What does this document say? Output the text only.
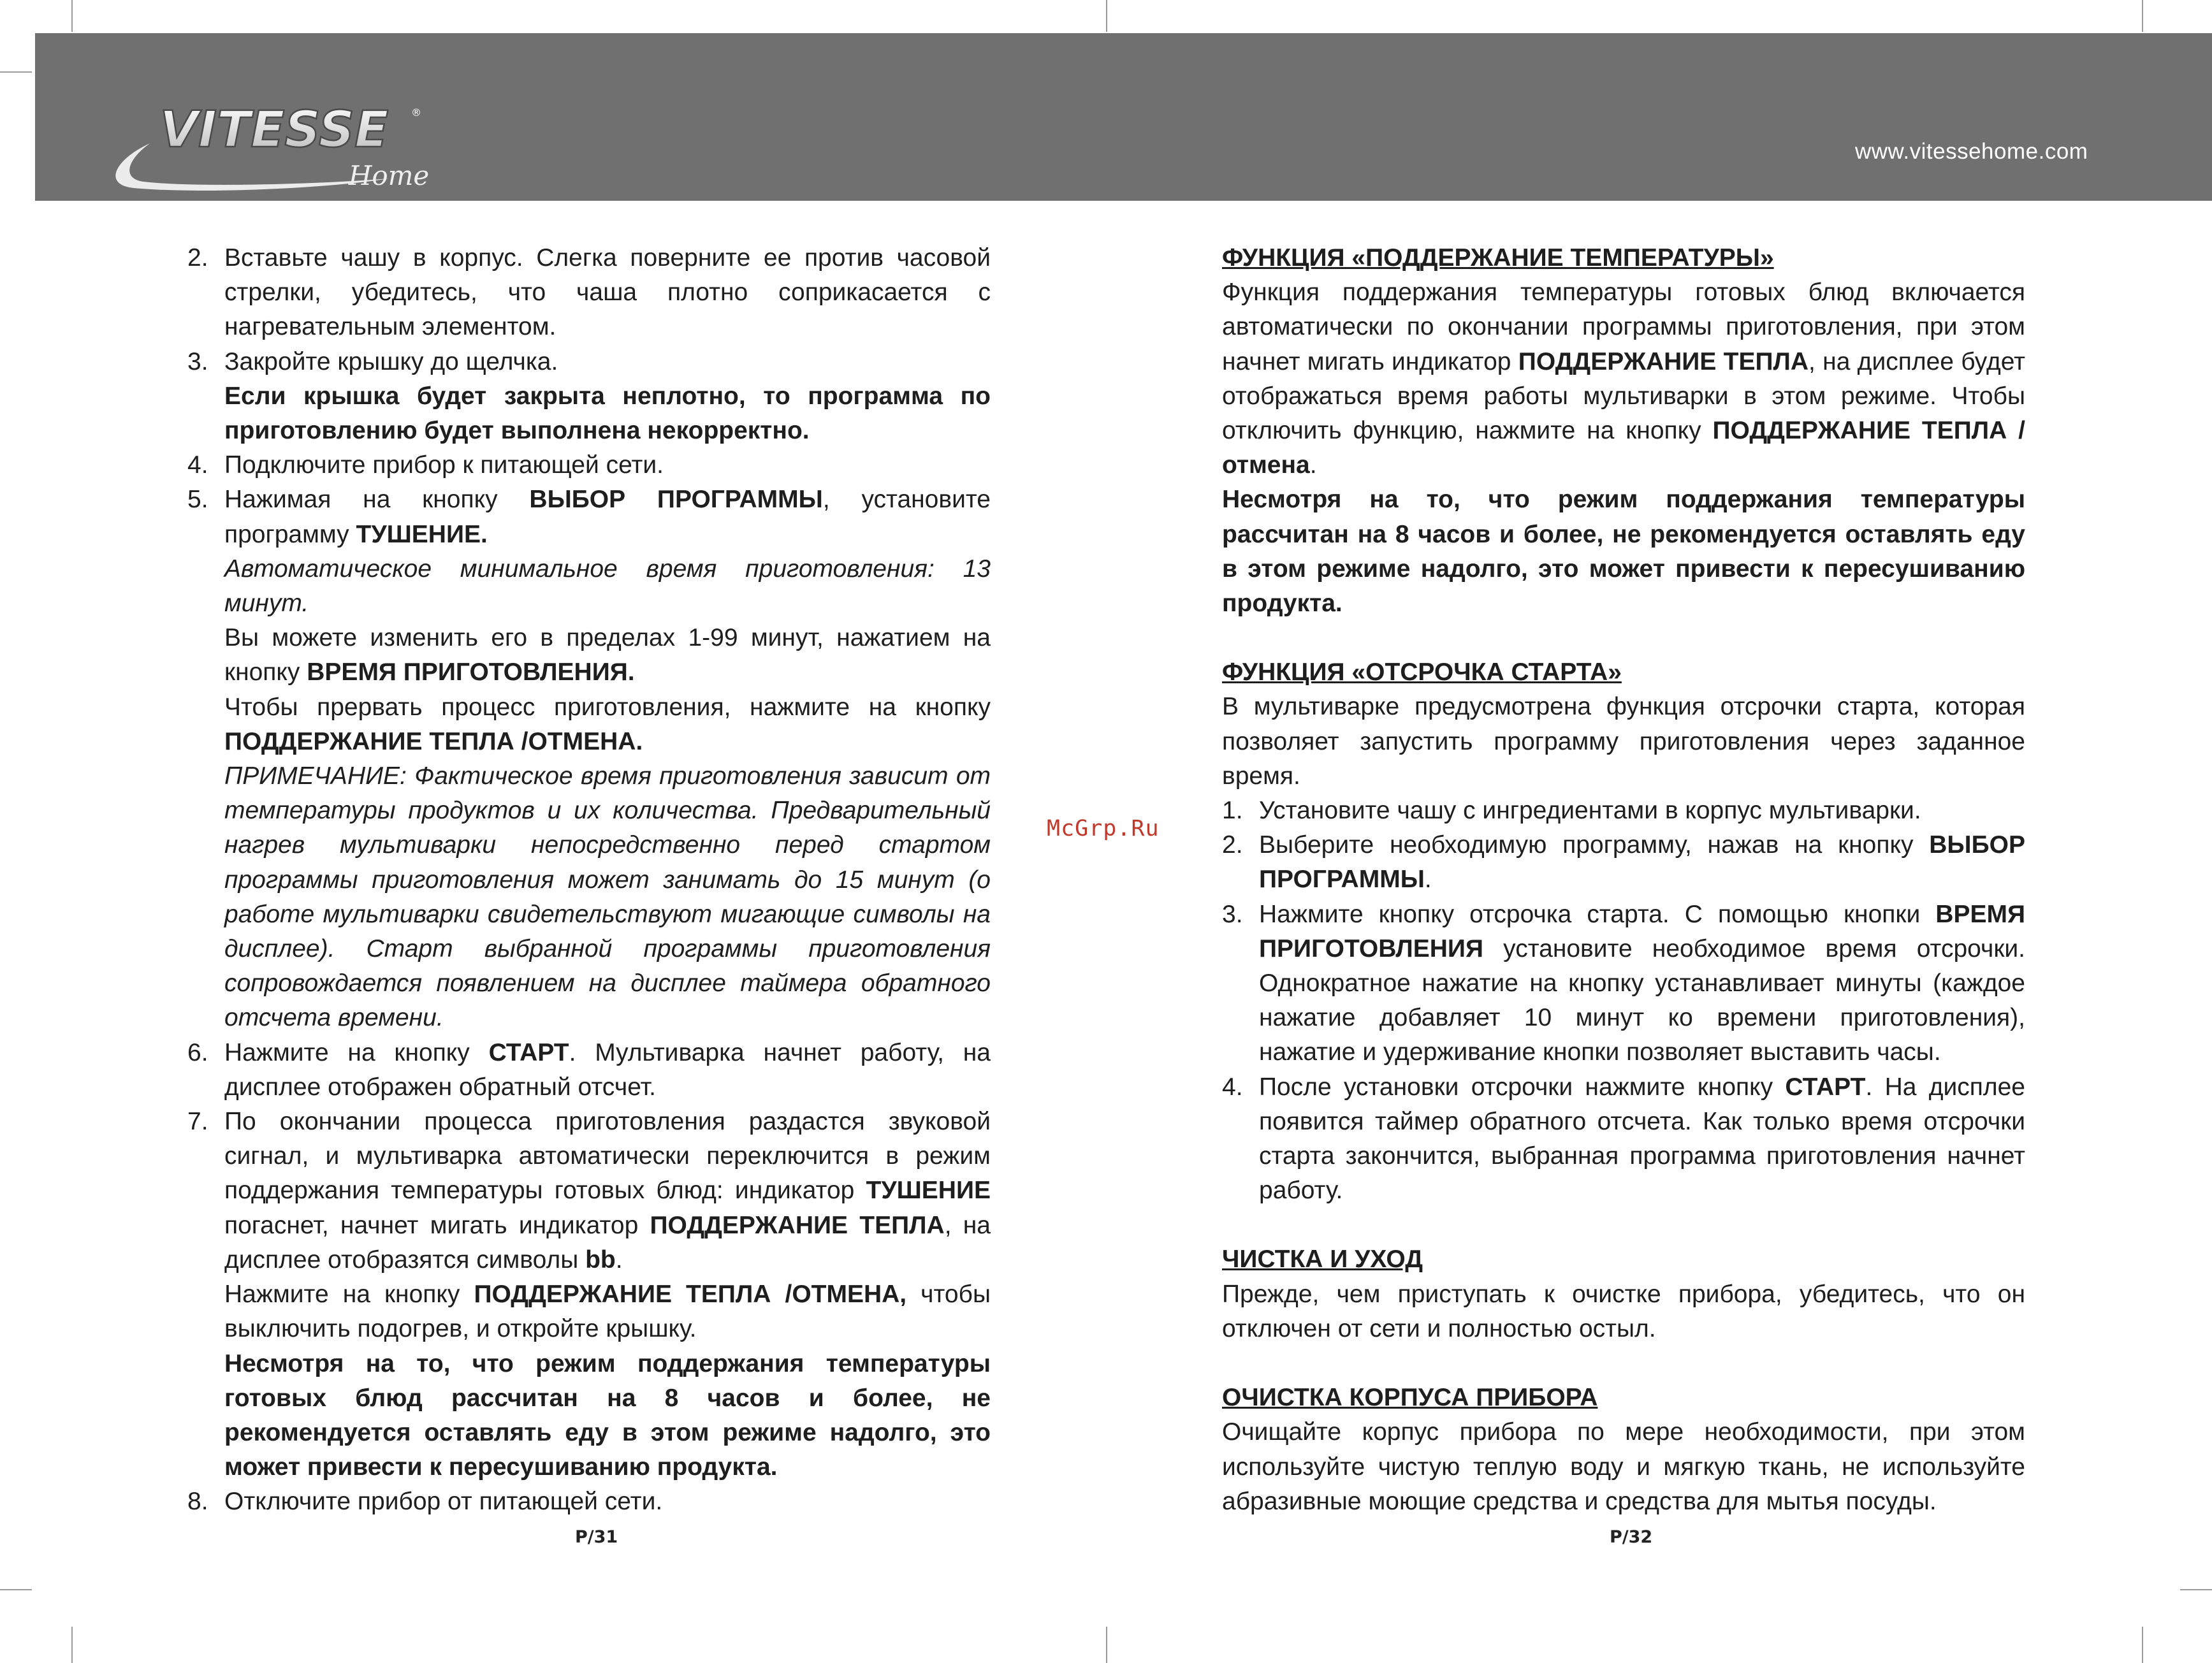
VITESSE ®
Home
www.vitessehome.com
2. Вставьте чашу в корпус. Слегка поверните ее против часовой стрелки, убедитесь, что чаша плотно соприкасается с нагревательным элементом.
3. Закройте крышку до щелчка.

Если крышка будет закрыта неплотно, то программа по приготовлению будет выполнена некорректно.

4. Подключите прибор к питающей сети.
5. Нажимая на кнопку ВЫБОР ПРОГРАММЫ, установите программу ТУШЕНИЕ.

Автоматическое минимальное время приготовления: 13 минут.

Вы можете изменить его в пределах 1-99 минут, нажатием на кнопку ВРЕМЯ ПРИГОТОВЛЕНИЯ.

Чтобы прервать процесс приготовления, нажмите на кнопку ПОДДЕРЖАНИЕ ТЕПЛА /ОТМЕНА.

ПРИМЕЧАНИЕ: Фактическое время приготовления зависит от температуры продуктов и их количества. Предварительный нагрев мультиварки непосредственно перед стартом программы приготовления может занимать до 15 минут (о работе мультиварки свидетельствуют мигающие символы на дисплее). Старт выбранной программы приготовления сопровождается появлением на дисплее таймера обратного отсчета времени.

6. Нажмите на кнопку СТАРТ. Мультиварка начнет работу, на дисплее отображен обратный отсчет.
7. По окончании процесса приготовления раздастся звуковой сигнал, и мультиварка автоматически переключится в режим поддержания температуры готовых блюд: индикатор ТУШЕНИЕ погаснет, начнет мигать индикатор ПОДДЕРЖАНИЕ ТЕПЛА, на дисплее отобразятся символы bb.

Нажмите на кнопку ПОДДЕРЖАНИЕ ТЕПЛА /ОТМЕНА, чтобы выключить подогрев, и откройте крышку.

Несмотря на то, что режим поддержания температуры готовых блюд рассчитан на 8 часов и более, не рекомендуется оставлять еду в этом режиме надолго, это может привести к пересушиванию продукта.

8. Отключите прибор от питающей сети.

ФУНКЦИЯ «ПОДДЕРЖАНИЕ ТЕМПЕРАТУРЫ»

Функция поддержания температуры готовых блюд включается автоматически по окончании программы приготовления, при этом начнет мигать индикатор ПОДДЕРЖАНИЕ ТЕПЛА, на дисплее будет отображаться время работы мультиварки в этом режиме. Чтобы отключить функцию, нажмите на кнопку ПОДДЕРЖАНИЕ ТЕПЛА /отмена.

Несмотря на то, что режим поддержания температуры рассчитан на 8 часов и более, не рекомендуется оставлять еду в этом режиме надолго, это может привести к пересушиванию продукта.

ФУНКЦИЯ «ОТСРОЧКА СТАРТА»

В мультиварке предусмотрена функция отсрочки старта, которая позволяет запустить программу приготовления через заданное время.

1. Установите чашу с ингредиентами в корпус мультиварки.
2. Выберите необходимую программу, нажав на кнопку ВЫБОР ПРОГРАММЫ.
3. Нажмите кнопку отсрочка старта. С помощью кнопки ВРЕМЯ ПРИГОТОВЛЕНИЯ установите необходимое время отсрочки. Однократное нажатие на кнопку устанавливает минуты (каждое нажатие добавляет 10 минут ко времени приготовления), нажатие и удерживание кнопки позволяет выставить часы.
4. После установки отсрочки нажмите кнопку СТАРТ. На дисплее появится таймер обратного отсчета. Как только время отсрочки старта закончится, выбранная программа приготовления начнет работу.

ЧИСТКА И УХОД

Прежде, чем приступать к очистке прибора, убедитесь, что он отключен от сети и полностью остыл.

ОЧИСТКА КОРПУСА ПРИБОРА

Очищайте корпус прибора по мере необходимости, при этом используйте чистую теплую воду и мягкую ткань, не используйте абразивные моющие средства и средства для мытья посуды.

McGrp.Ru
P/31	P/32
